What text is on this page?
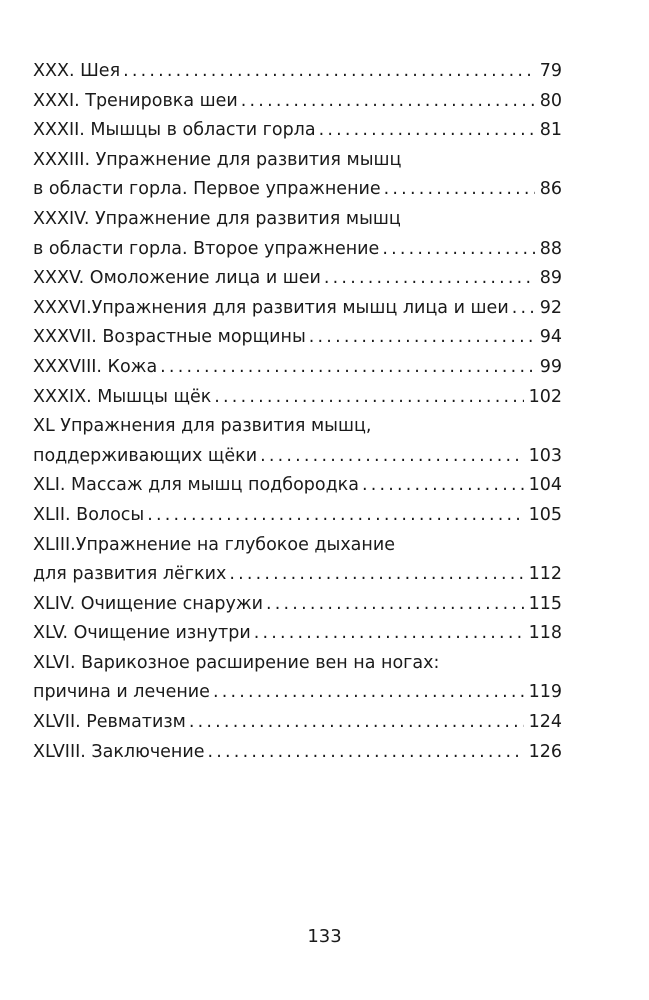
XXX. Шея .....	79
XXXI. Тренировка шеи .....	80
XXXII. Мышцы в области горла .....	81
XXXIII. Упражнение для развития мышц
в области горла. Первое упражнение .....	86
XXXIV. Упражнение для развития мышц
в области горла. Второе упражнение .....	88
XXXV. Омоложение лица и шеи .....	89
XXXVI.Упражнения для развития мышц лица и шеи ..... 92
XXXVII. Возрастные морщины .....	94
XXXVIII. Кожа .....	99
XXXIX. Мышцы щёк .....	102
XL Упражнения для развития мышц,
поддерживающих щёки .....	103
XLI. Массаж для мышц подбородка .....	104
XLII. Волосы .....	105
XLIII.Упражнение на глубокое дыхание
для развития лёгких .....	112
XLIV. Очищение снаружи .....	115
XLV. Очищение изнутри .....	118
XLVI. Варикозное расширение вен на ногах:
причина и лечение .....	119
XLVII. Ревматизм .....	124
XLVIII. Заключение .....	126
133
